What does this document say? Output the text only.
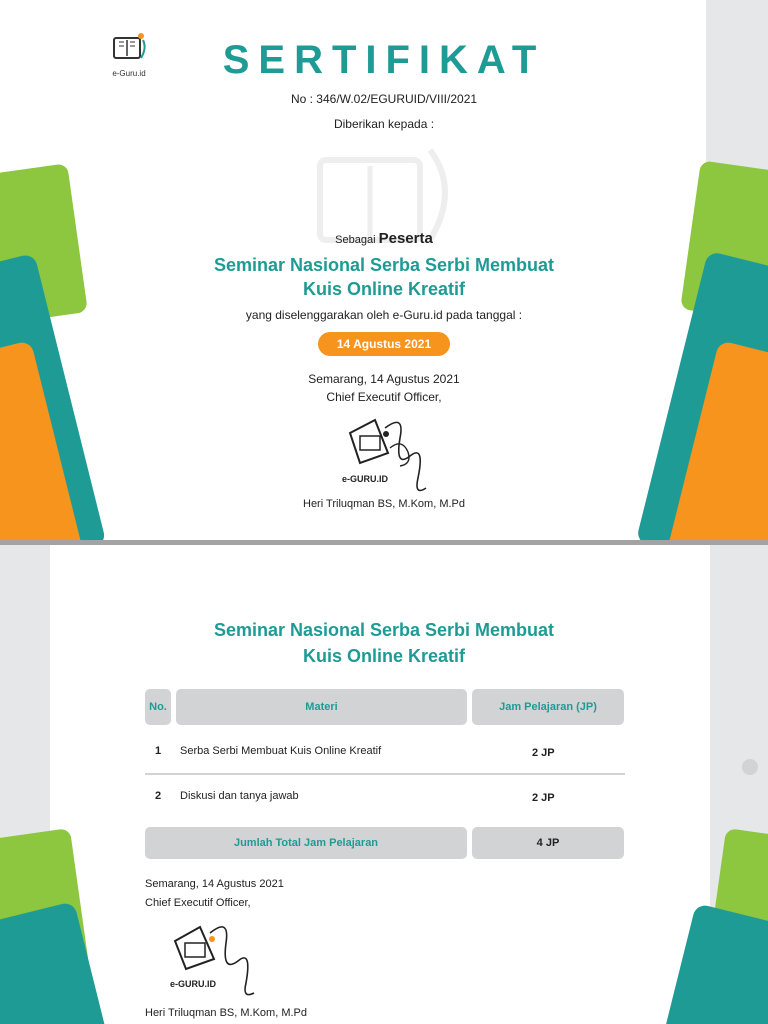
e-Guru.id	SERTIFIKAT
No : 346/W.02/EGURUID/VIII/2021
Diberikan kepada :
Sebagai Peserta
Seminar Nasional Serba Serbi Membuat
Kuis Online Kreatif
yang diselenggarakan oleh e-Guru.id pada tanggal :
14 Agustus 2021
Semarang, 14 Agustus 2021
Chief Executif Officer,
e-GURU.ID
Heri Triluqman BS, M.Kom, M.Pd
Seminar Nasional Serba Serbi Membuat
Kuis Online Kreatif
No.	Materi	Jam Pelajaran (JP)
1 Serba Serbi Membuat Kuis Online Kreatif	2 JP
2 Diskusi dan tanya jawab	2 JP
Jumlah Total Jam Pelajaran	4 JP
Semarang, 14 Agustus 2021
Chief Executif Officer,
e-GURU.ID
Heri Triluqman BS, M.Kom, M.Pd
